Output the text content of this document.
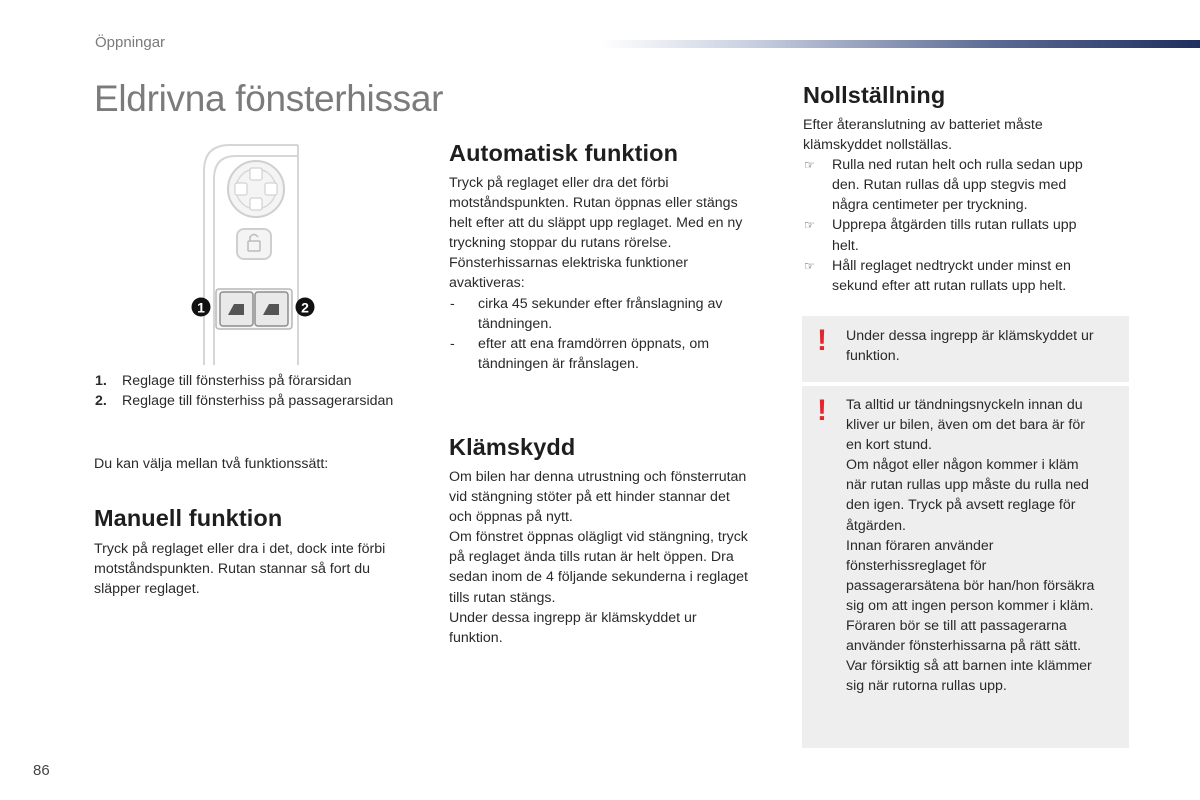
Öppningar
Eldrivna fönsterhissar
1	2
1. Reglage till fönsterhiss på förarsidan
2. Reglage till fönsterhiss på passagerarsidan
Du kan välja mellan två funktionssätt:
Manuell funktion
Tryck på reglaget eller dra i det, dock inte förbi
motståndspunkten. Rutan stannar så fort du
släpper reglaget.
Automatisk funktion
Tryck på reglaget eller dra det förbi
motståndspunkten. Rutan öppnas eller stängs
helt efter att du släppt upp reglaget. Med en ny
tryckning stoppar du rutans rörelse.
Fönsterhissarnas elektriska funktioner
avaktiveras:
- cirka 45 sekunder efter frånslagning av
tändningen.
- efter att ena framdörren öppnats, om
tändningen är frånslagen.
Klämskydd
Om bilen har denna utrustning och fönsterrutan
vid stängning stöter på ett hinder stannar det
och öppnas på nytt.
Om fönstret öppnas olägligt vid stängning, tryck
på reglaget ända tills rutan är helt öppen. Dra
sedan inom de 4 följande sekunderna i reglaget
tills rutan stängs.
Under dessa ingrepp är klämskyddet ur
funktion.
Nollställning
Efter återanslutning av batteriet måste
klämskyddet nollställas.
☞ Rulla ned rutan helt och rulla sedan upp
den. Rutan rullas då upp stegvis med
några centimeter per tryckning.
☞ Upprepa åtgärden tills rutan rullats upp
helt.
☞ Håll reglaget nedtryckt under minst en
sekund efter att rutan rullats upp helt.
! Under dessa ingrepp är klämskyddet ur
funktion.
! Ta alltid ur tändningsnyckeln innan du
kliver ur bilen, även om det bara är för
en kort stund.
Om något eller någon kommer i kläm
när rutan rullas upp måste du rulla ned
den igen. Tryck på avsett reglage för
åtgärden.
Innan föraren använder
fönsterhissreglaget för
passagerarsätena bör han/hon försäkra
sig om att ingen person kommer i kläm.
Föraren bör se till att passagerarna
använder fönsterhissarna på rätt sätt.
Var försiktig så att barnen inte klämmer
sig när rutorna rullas upp.
86
